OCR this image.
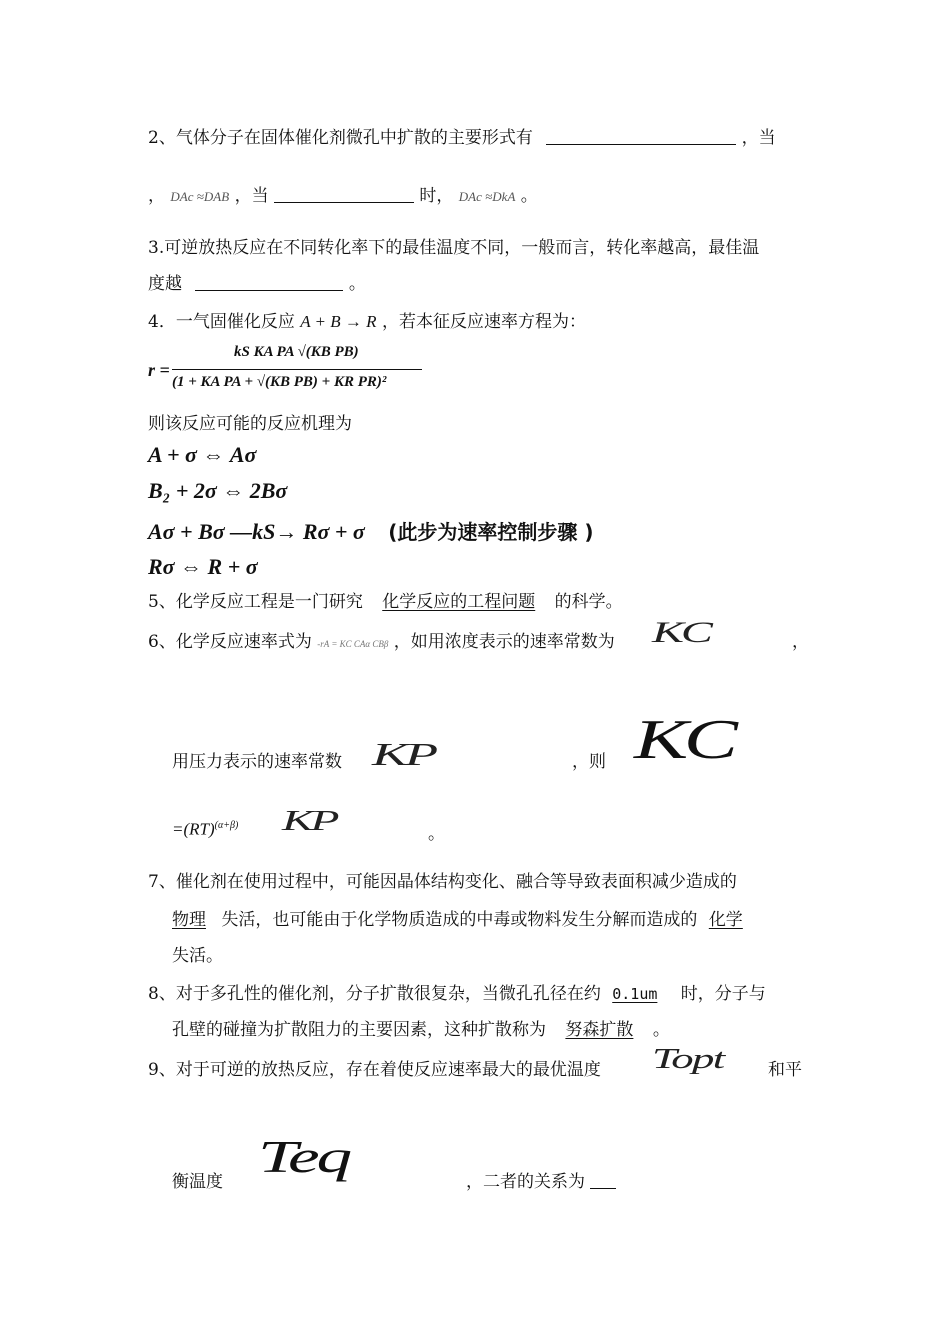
2、气体分子在固体催化剂微孔中扩散的主要形式有	，当
， DAc ≈DAB ，当	时， DAc ≈DkA 。
3.可逆放热反应在不同转化率下的最佳温度不同，一般而言，转化率越高，最佳温
度越	。
4．一气固催化反应 A + B → R ，若本征反应速率方程为：
r =
kS KA PA √(KB PB)
(1 + KA PA + √(KB PB) + KR PR)²
则该反应可能的反应机理为
A + σ ⇔ Aσ
B₂ + 2σ ⇔ 2Bσ
Aσ + Bσ —kS→ Rσ + σ (此步为速率控制步骤 )
Rσ ⇔ R + σ
5、化学反应工程是一门研究 化学反应的工程问题 的科学。
6、化学反应速率式为 -rA = KC CAα CBβ ，如用浓度表示的速率常数为 KC	，
用压力表示的速率常数 KP	，则 KC
=(RT)$^{(\alpha+\beta)}$ KP	。
7、催化剂在使用过程中，可能因晶体结构变化、融合等导致表面积减少造成的
物理 失活，也可能由于化学物质造成的中毒或物料发生分解而造成的 化学
失活。
8、对于多孔性的催化剂，分子扩散很复杂，当微孔孔径在约 0.1um 时，分子与
孔壁的碰撞为扩散阻力的主要因素，这种扩散称为 努森扩散 。
9、对于可逆的放热反应，存在着使反应速率最大的最优温度 Topt	和平
衡温度 Teq	，二者的关系为
